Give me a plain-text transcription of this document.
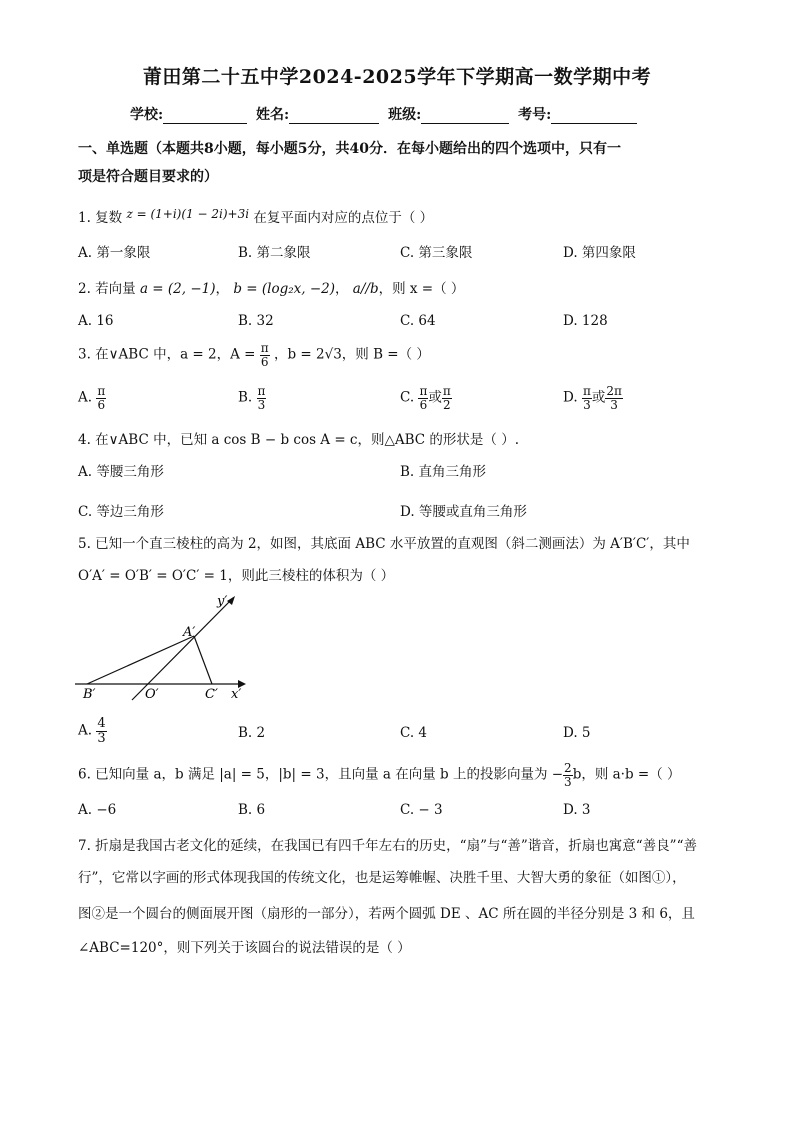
莆田第二十五中学2024-2025学年下学期高一数学期中考
学校:	姓名:	班级:	考号:
一、单选题（本题共8小题，每小题5分，共40分．在每小题给出的四个选项中，只有一
项是符合题目要求的）
1. 复数 z = (1+i)(1 − 2i)+3i 在复平面内对应的点位于（ ）
A. 第一象限	B. 第二象限	C. 第三象限	D. 第四象限
2. 若向量 a = (2, −1)， b = (log₂x, −2)， a//b，则 x =（ ）
A. 16	B. 32	C. 64	D. 128
3. 在∨ABC 中，a = 2，$A = \frac{\pi}{6}$ ，b = 2√3，则 B =（ ）
A. $\frac{\pi}{6}$	B. $\frac{\pi}{3}$	C. $\frac{\pi}{6}$ 或 $\frac{\pi}{2}$	D. $\frac{\pi}{3}$ 或 $\frac{2\pi}{3}$
4. 在∨ABC 中，已知 a cos B − b cos A = c，则△ABC 的形状是（ ）.
A. 等腰三角形	B. 直角三角形
C. 等边三角形	D. 等腰或直角三角形
5. 已知一个直三棱柱的高为 2，如图，其底面 ABC 水平放置的直观图（斜二测画法）为 A′B′C′，其中
O′A′ = O′B′ = O′C′ = 1，则此三棱柱的体积为（ ）
y′
A′
B′	O′	C′ x′
A. $\frac{4}{3}$	B. 2	C. 4	D. 5
6. 已知向量 a，b 满足 |a| = 5，|b| = 3，且向量 a 在向量 b 上的投影向量为 − $\frac{2}{3}$ b，则 a·b =（ ）
A. −6	B. 6	C. − 3	D. 3
7. 折扇是我国古老文化的延续，在我国已有四千年左右的历史，“扇”与“善”谐音，折扇也寓意“善良”“善
行”，它常以字画的形式体现我国的传统文化，也是运筹帷幄、决胜千里、大智大勇的象征（如图①），
图②是一个圆台的侧面展开图（扇形的一部分），若两个圆弧 DE 、AC 所在圆的半径分别是 3 和 6，且
∠ABC=120°，则下列关于该圆台的说法错误的是（ ）
